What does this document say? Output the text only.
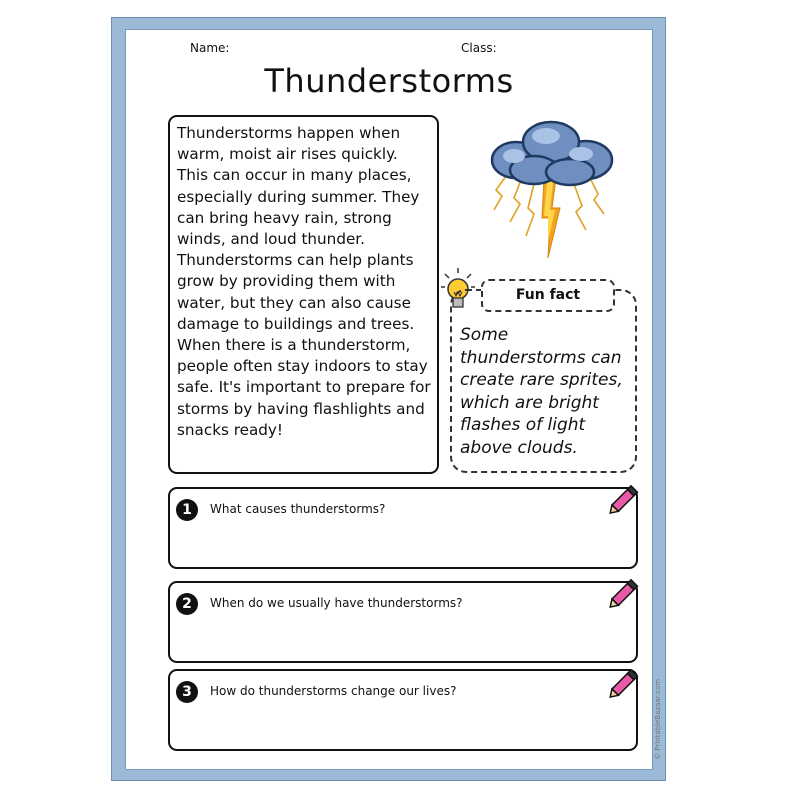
Name:	Class:
Thunderstorms
Thunderstorms happen when warm, moist air rises quickly. This can occur in many places, especially during summer. They can bring heavy rain, strong winds, and loud thunder. Thunderstorms can help plants grow by providing them with water, but they can also cause damage to buildings and trees. When there is a thunderstorm, people often stay indoors to stay safe. It's important to prepare for storms by having flashlights and snacks ready!
Some thunderstorms can create rare sprites, which are bright flashes of light above clouds.
Fun fact
1	What causes thunderstorms?
2	When do we usually have thunderstorms?
3	How do thunderstorms change our lives?	© PrintableBazaar.com
